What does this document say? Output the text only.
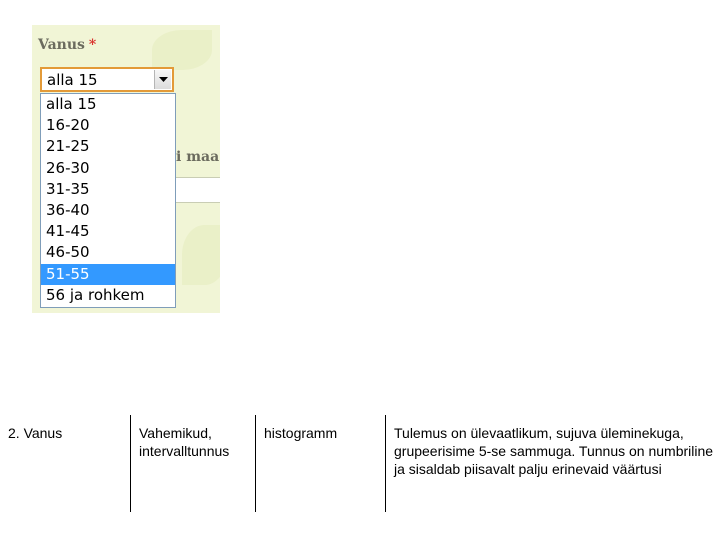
Vanus *
i maa
alla 15
alla 15
16-20
21-25
26-30
31-35
36-40
41-45
46-50
51-55
56 ja rohkem
2. Vanus	Vahemikud, intervalltunnus
histogramm	Tulemus on ülevaatlikum, sujuva üleminekuga, grupeerisime 5-se sammuga. Tunnus on numbriline ja sisaldab piisavalt palju erinevaid väärtusi
